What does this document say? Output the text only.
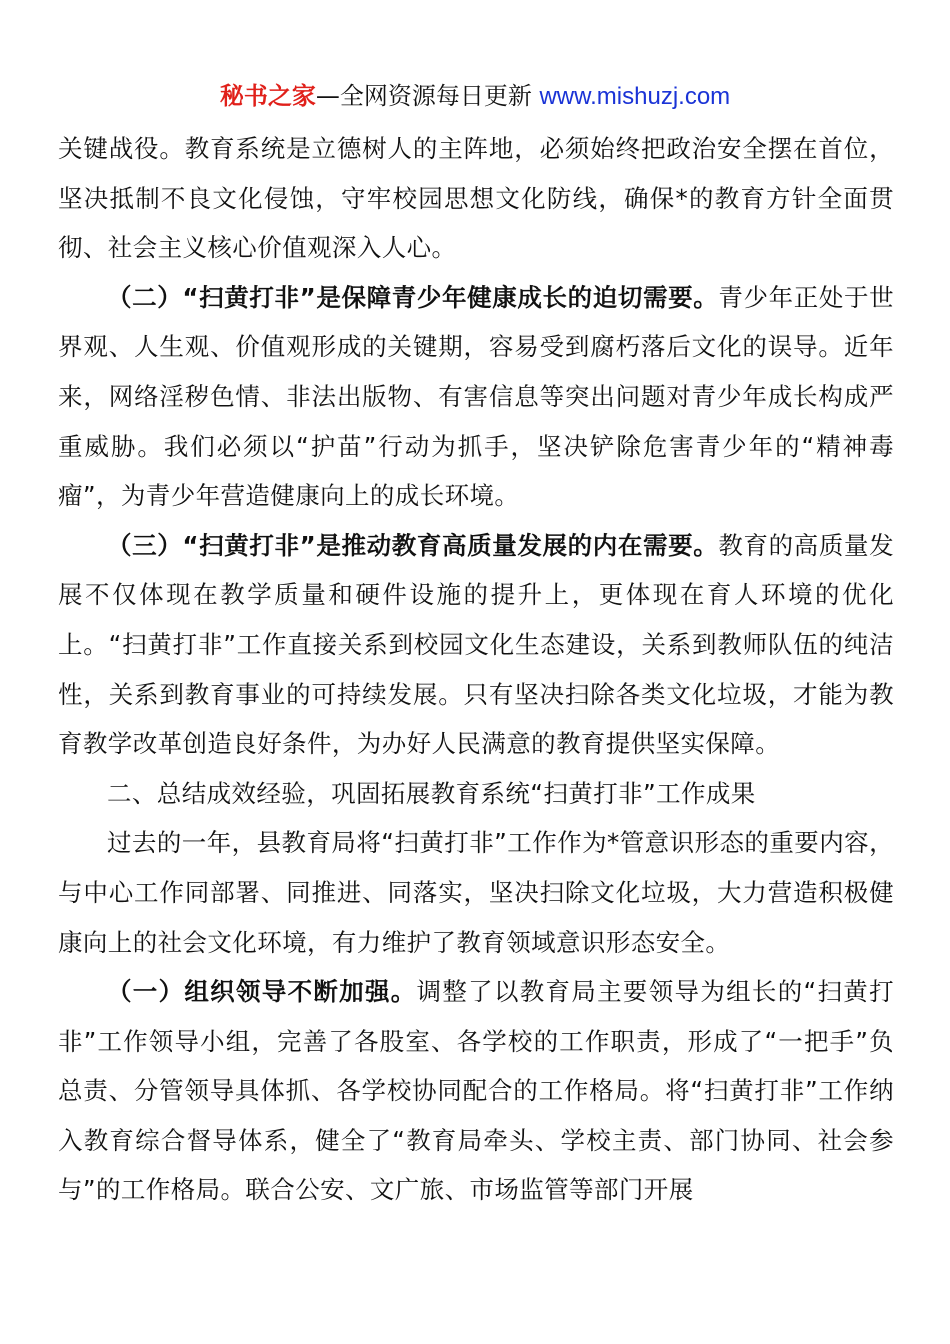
秘书之家—全网资源每日更新 www.mishuzj.com

关键战役。教育系统是立德树人的主阵地，必须始终把政治安全摆在首位，坚决抵制不良文化侵蚀，守牢校园思想文化防线，确保*的教育方针全面贯彻、社会主义核心价值观深入人心。

（二）“扫黄打非”是保障青少年健康成长的迫切需要。青少年正处于世界观、人生观、价值观形成的关键期，容易受到腐朽落后文化的误导。近年来，网络淫秽色情、非法出版物、有害信息等突出问题对青少年成长构成严重威胁。我们必须以“护苗”行动为抓手，坚决铲除危害青少年的“精神毒瘤”，为青少年营造健康向上的成长环境。

（三）“扫黄打非”是推动教育高质量发展的内在需要。教育的高质量发展不仅体现在教学质量和硬件设施的提升上，更体现在育人环境的优化上。“扫黄打非”工作直接关系到校园文化生态建设，关系到教师队伍的纯洁性，关系到教育事业的可持续发展。只有坚决扫除各类文化垃圾，才能为教育教学改革创造良好条件，为办好人民满意的教育提供坚实保障。

二、总结成效经验，巩固拓展教育系统“扫黄打非”工作成果

过去的一年，县教育局将“扫黄打非”工作作为*管意识形态的重要内容，与中心工作同部署、同推进、同落实，坚决扫除文化垃圾，大力营造积极健康向上的社会文化环境，有力维护了教育领域意识形态安全。

（一）组织领导不断加强。调整了以教育局主要领导为组长的“扫黄打非”工作领导小组，完善了各股室、各学校的工作职责，形成了“一把手”负总责、分管领导具体抓、各学校协同配合的工作格局。将“扫黄打非”工作纳入教育综合督导体系，健全了“教育局牵头、学校主责、部门协同、社会参与”的工作格局。联合公安、文广旅、市场监管等部门开展
